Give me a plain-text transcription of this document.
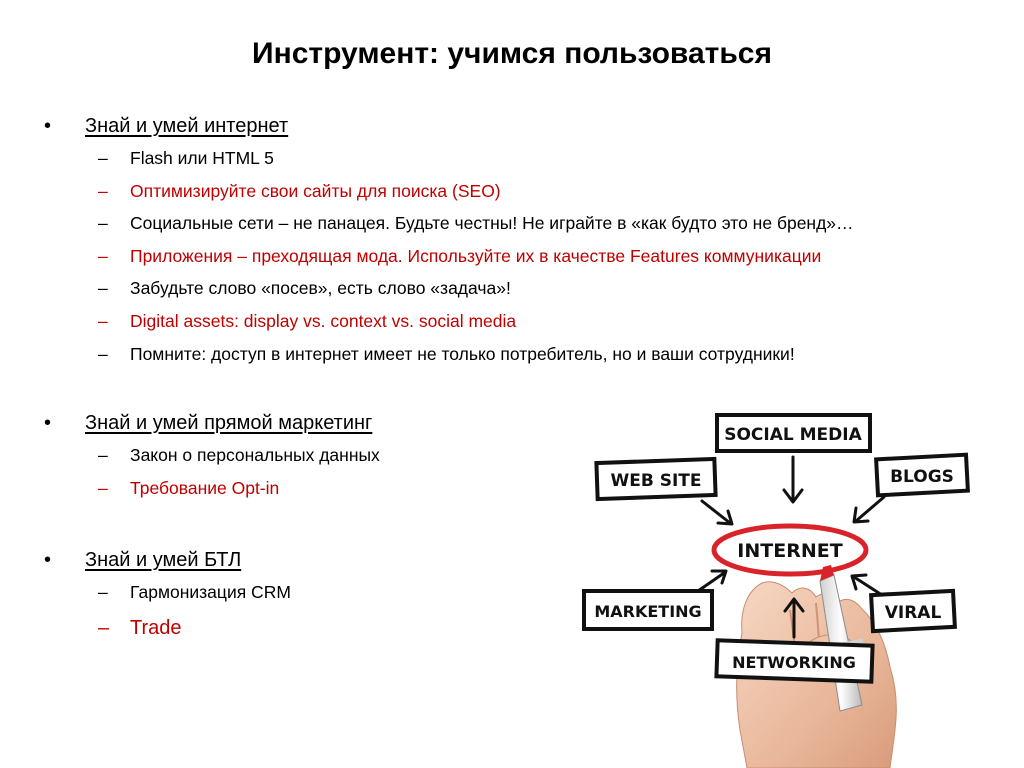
Инструмент: учимся пользоваться
• Знай и умей интернет
– Flash или HTML 5
– Оптимизируйте свои сайты для поиска (SEO)
– Социальные сети – не панацея. Будьте честны! Не играйте в «как будто это не бренд»…
– Приложения – преходящая мода. Используйте их в качестве Features коммуникации
– Забудьте слово «посев», есть слово «задача»!
– Digital assets: display vs. context vs. social media
– Помните: доступ в интернет имеет не только потребитель, но и ваши сотрудники!
• Знай и умей прямой маркетинг
– Закон о персональных данных
– Требование Opt-in
• Знай и умей БТЛ
– Гармонизация CRM
– Trade
INTERNET
SOCIAL MEDIA
WEB SITE	BLOGS
MARKETING	VIRAL
NETWORKING
